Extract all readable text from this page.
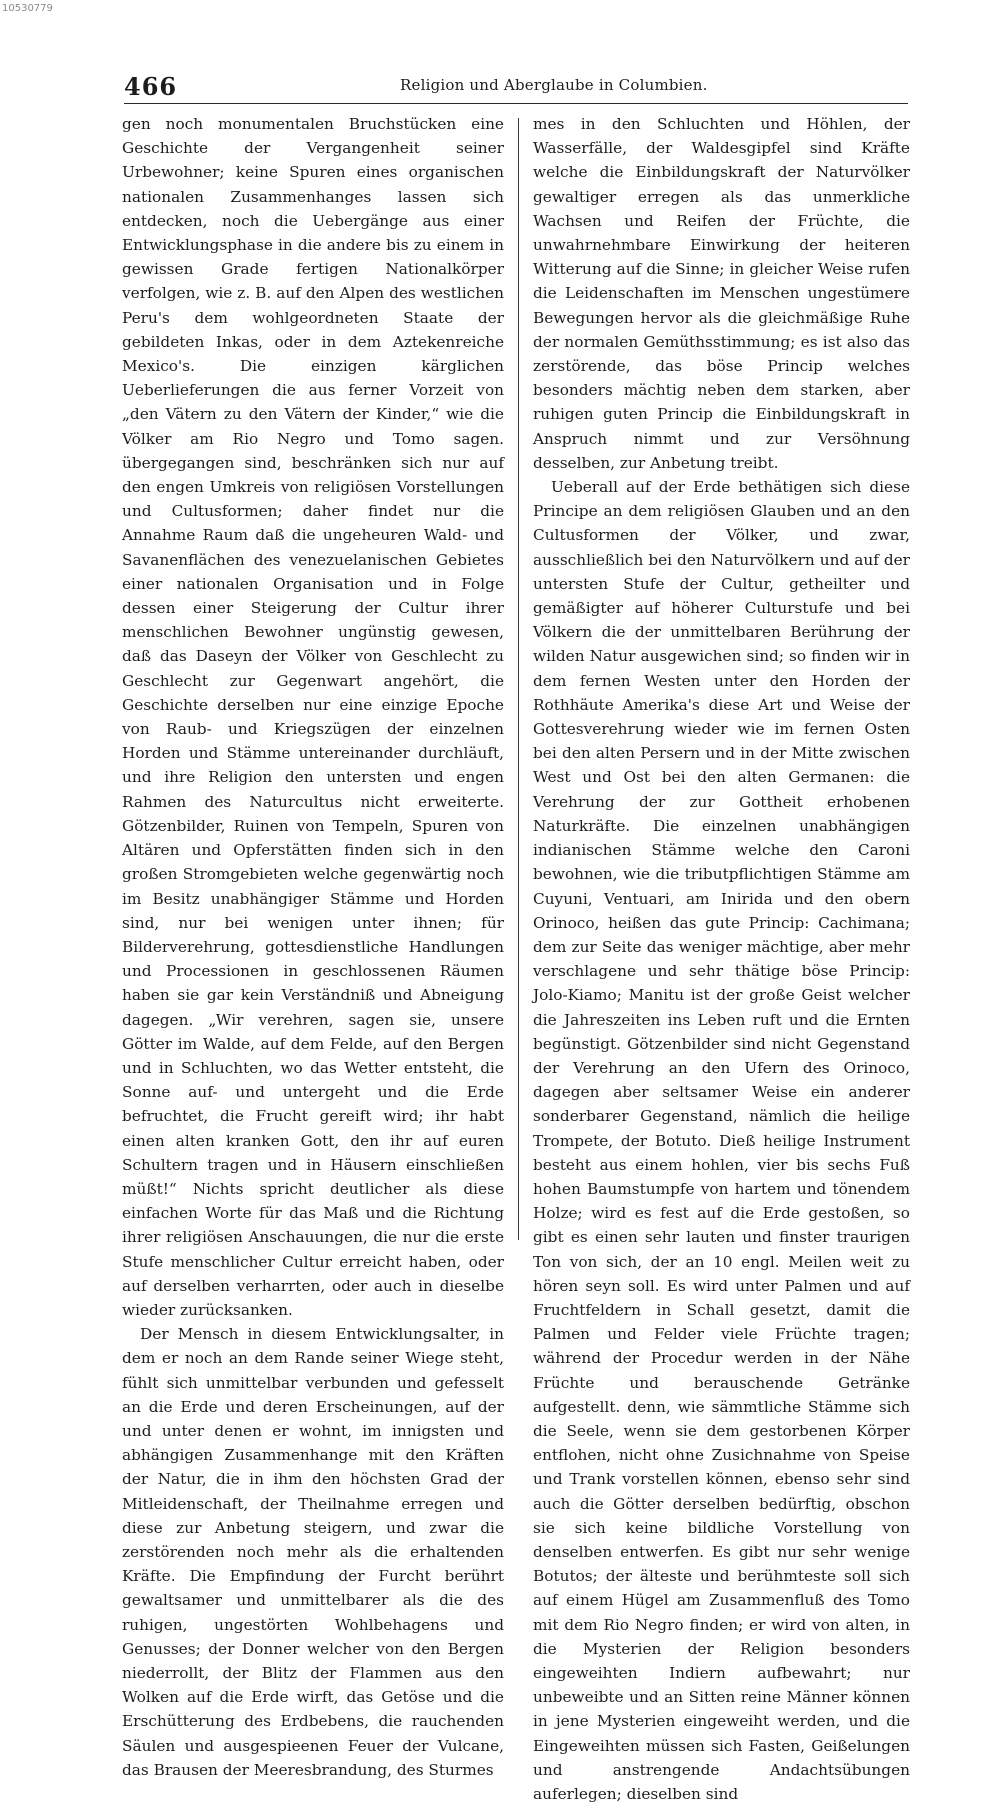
10530779
466	Religion und Aberglaube in Columbien.

gen noch monumentalen Bruchstücken eine Geschichte der Vergangenheit seiner Urbewohner; keine Spuren eines organischen nationalen Zusammenhanges lassen sich entdecken, noch die Uebergänge aus einer Entwicklungsphase in die andere bis zu einem in gewissen Grade fertigen Nationalkörper verfolgen, wie z. B. auf den Alpen des westlichen Peru's dem wohlgeordneten Staate der gebildeten Inkas, oder in dem Aztekenreiche Mexico's. Die einzigen kärglichen Ueberlieferungen die aus ferner Vorzeit von „den Vätern zu den Vätern der Kinder,“ wie die Völker am Rio Negro und Tomo sagen. übergegangen sind, beschränken sich nur auf den engen Umkreis von religiösen Vorstellungen und Cultusformen; daher findet nur die Annahme Raum daß die ungeheuren Wald- und Savanenflächen des venezuelanischen Gebietes einer nationalen Organisation und in Folge dessen einer Steigerung der Cultur ihrer menschlichen Bewohner ungünstig gewesen, daß das Daseyn der Völker von Geschlecht zu Geschlecht zur Gegenwart angehört, die Geschichte derselben nur eine einzige Epoche von Raub- und Kriegszügen der einzelnen Horden und Stämme untereinander durchläuft, und ihre Religion den untersten und engen Rahmen des Naturcultus nicht erweiterte. Götzenbilder, Ruinen von Tempeln, Spuren von Altären und Opferstätten finden sich in den großen Stromgebieten welche gegenwärtig noch im Besitz unabhängiger Stämme und Horden sind, nur bei wenigen unter ihnen; für Bilderverehrung, gottesdienstliche Handlungen und Processionen in geschlossenen Räumen haben sie gar kein Verständniß und Abneigung dagegen. „Wir verehren, sagen sie, unsere Götter im Walde, auf dem Felde, auf den Bergen und in Schluchten, wo das Wetter entsteht, die Sonne auf- und untergeht und die Erde befruchtet, die Frucht gereift wird; ihr habt einen alten kranken Gott, den ihr auf euren Schultern tragen und in Häusern einschließen müßt!“ Nichts spricht deutlicher als diese einfachen Worte für das Maß und die Richtung ihrer religiösen Anschauungen, die nur die erste Stufe menschlicher Cultur erreicht haben, oder auf derselben verharrten, oder auch in dieselbe wieder zurücksanken.

Der Mensch in diesem Entwicklungsalter, in dem er noch an dem Rande seiner Wiege steht, fühlt sich unmittelbar verbunden und gefesselt an die Erde und deren Erscheinungen, auf der und unter denen er wohnt, im innigsten und abhängigen Zusammenhange mit den Kräften der Natur, die in ihm den höchsten Grad der Mitleidenschaft, der Theilnahme erregen und diese zur Anbetung steigern, und zwar die zerstörenden noch mehr als die erhaltenden Kräfte. Die Empfindung der Furcht berührt gewaltsamer und unmittelbarer als die des ruhigen, ungestörten Wohlbehagens und Genusses; der Donner welcher von den Bergen niederrollt, der Blitz der Flammen aus den Wolken auf die Erde wirft, das Getöse und die Erschütterung des Erdbebens, die rauchenden Säulen und ausgespieenen Feuer der Vulcane, das Brausen der Meeresbrandung, des Sturmes

mes in den Schluchten und Höhlen, der Wasserfälle, der Waldesgipfel sind Kräfte welche die Einbildungskraft der Naturvölker gewaltiger erregen als das unmerkliche Wachsen und Reifen der Früchte, die unwahrnehmbare Einwirkung der heiteren Witterung auf die Sinne; in gleicher Weise rufen die Leidenschaften im Menschen ungestümere Bewegungen hervor als die gleichmäßige Ruhe der normalen Gemüthsstimmung; es ist also das zerstörende, das böse Princip welches besonders mächtig neben dem starken, aber ruhigen guten Princip die Einbildungskraft in Anspruch nimmt und zur Versöhnung desselben, zur Anbetung treibt.

Ueberall auf der Erde bethätigen sich diese Principe an dem religiösen Glauben und an den Cultusformen der Völker, und zwar, ausschließlich bei den Naturvölkern und auf der untersten Stufe der Cultur, getheilter und gemäßigter auf höherer Culturstufe und bei Völkern die der unmittelbaren Berührung der wilden Natur ausgewichen sind; so finden wir in dem fernen Westen unter den Horden der Rothhäute Amerika's diese Art und Weise der Gottesverehrung wieder wie im fernen Osten bei den alten Persern und in der Mitte zwischen West und Ost bei den alten Germanen: die Verehrung der zur Gottheit erhobenen Naturkräfte. Die einzelnen unabhängigen indianischen Stämme welche den Caroni bewohnen, wie die tributpflichtigen Stämme am Cuyuni, Ventuari, am Inirida und den obern Orinoco, heißen das gute Princip: Cachimana; dem zur Seite das weniger mächtige, aber mehr verschlagene und sehr thätige böse Princip: Jolo-Kiamo; Manitu ist der große Geist welcher die Jahreszeiten ins Leben ruft und die Ernten begünstigt. Götzenbilder sind nicht Gegenstand der Verehrung an den Ufern des Orinoco, dagegen aber seltsamer Weise ein anderer sonderbarer Gegenstand, nämlich die heilige Trompete, der Botuto. Dieß heilige Instrument besteht aus einem hohlen, vier bis sechs Fuß hohen Baumstumpfe von hartem und tönendem Holze; wird es fest auf die Erde gestoßen, so gibt es einen sehr lauten und finster traurigen Ton von sich, der an 10 engl. Meilen weit zu hören seyn soll. Es wird unter Palmen und auf Fruchtfeldern in Schall gesetzt, damit die Palmen und Felder viele Früchte tragen; während der Procedur werden in der Nähe Früchte und berauschende Getränke aufgestellt. denn, wie sämmtliche Stämme sich die Seele, wenn sie dem gestorbenen Körper entflohen, nicht ohne Zusichnahme von Speise und Trank vorstellen können, ebenso sehr sind auch die Götter derselben bedürftig, obschon sie sich keine bildliche Vorstellung von denselben entwerfen. Es gibt nur sehr wenige Botutos; der älteste und berühmteste soll sich auf einem Hügel am Zusammenfluß des Tomo mit dem Rio Negro finden; er wird von alten, in die Mysterien der Religion besonders eingeweihten Indiern aufbewahrt; nur unbeweibte und an Sitten reine Männer können in jene Mysterien eingeweiht werden, und die Eingeweihten müssen sich Fasten, Geißelungen und anstrengende Andachtsübungen auferlegen; dieselben sind
